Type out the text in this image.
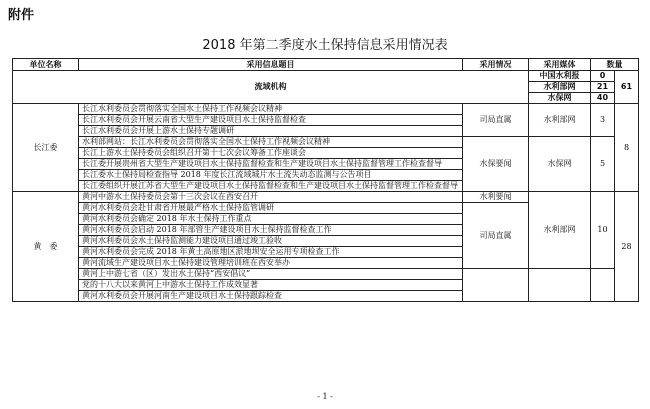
附件
2018 年第二季度水土保持信息采用情况表
单位名称	采用信息题目	采用情况	采用媒体	数量	
流域机构			中国水利报	0	61
			水利部网	21	
			水保网	40	
长江委	长江水利委员会贯彻落实全国水土保持工作视频会议精神	司局直属	水利部网	3	8
	长江水利委员会开展云南省大型生产建设项目水土保持监督检查				
	长江水利委员会开展上游水土保持专题调研				
	水利部网站：长江水利委员会贯彻落实全国水土保持工作视频会议精神	水保要闻	水保网	5	
	长江上游水土保持委员会组织召开第十七次会议筹备工作座谈会				
	长江委开展贵州省大型生产建设项目水土保持监督检查和生产建设项目水土保持监督管理工作检查督导				
	长江委水土保持局检查指导 2018 年度长江流域城片水土流失动态监测与公告项目				
	长江委组织开展江苏省大型生产建设项目水土保持监督检查和生产建设项目水土保持监督管理工作检查督导				
黄　委	黄河中游水土保持委员会第十三次会议在西安召开	水利要闻	水利部网	10	28
	黄河水利委员会赴甘肃省开展最严格水土保持监管调研	司局直属			
	黄河水利委员会确定 2018 年水土保持工作重点				
	黄河水利委员会启动 2018 年部管生产建设项目水土保持监督检查工作				
	黄河水利委员会水土保持监测能力建设项目通过竣工验收				
	黄河水利委员会完成 2018 年黄土高原地区淤地坝安全运用专项检查工作				
	黄河流域生产建设项目水土保持建设管理培训班在西安举办				
	黄河上中游七省（区）发出水土保持“西安倡议”				
	党的十八大以来黄河上中游水土保持工作成效显著				
	黄河水利委员会开展河南生产建设项目水土保持跟踪检查				
- 1 -
